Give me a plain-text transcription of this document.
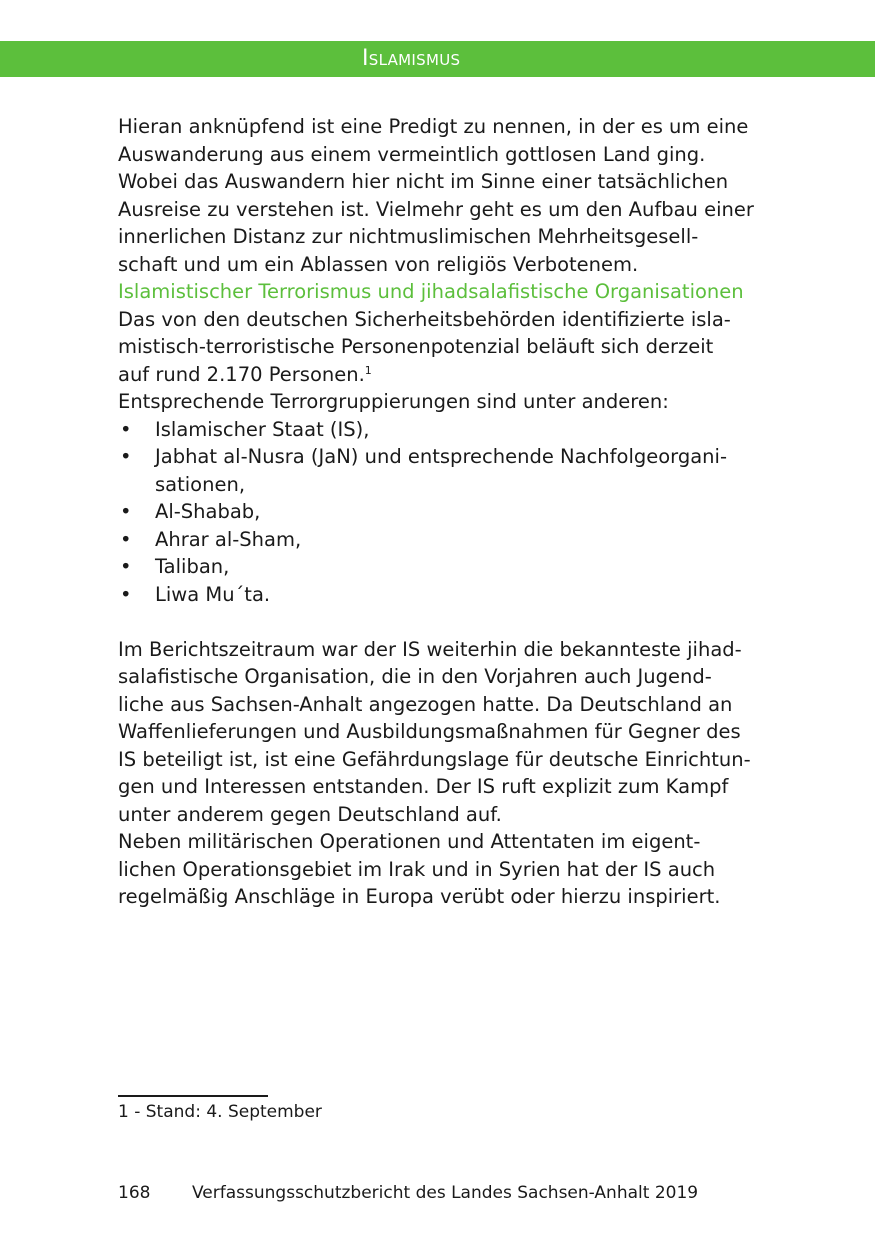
Islamismus

Hieran anknüpfend ist eine Predigt zu nennen, in der es um eine
Auswanderung aus einem vermeintlich gottlosen Land ging.
Wobei das Auswandern hier nicht im Sinne einer tatsächlichen
Ausreise zu verstehen ist. Vielmehr geht es um den Aufbau einer
innerlichen Distanz zur nichtmuslimischen Mehrheitsgesell-
schaft und um ein Ablassen von religiös Verbotenem.

Islamistischer Terrorismus und jihadsalafistische Organisationen

Das von den deutschen Sicherheitsbehörden identifizierte isla-
mistisch-terroristische Personenpotenzial beläuft sich derzeit
auf rund 2.170 Personen.$^1$

Entsprechende Terrorgruppierungen sind unter anderen:

• Islamischer Staat (IS),
• Jabhat al-Nusra (JaN) und entsprechende Nachfolgeorgani-
sationen,
• Al-Shabab,
• Ahrar al-Sham,
• Taliban,
• Liwa Mu´ta.

Im Berichtszeitraum war der IS weiterhin die bekannteste jihad-
salafistische Organisation, die in den Vorjahren auch Jugend-
liche aus Sachsen-Anhalt angezogen hatte. Da Deutschland an
Waffenlieferungen und Ausbildungsmaßnahmen für Gegner des
IS beteiligt ist, ist eine Gefährdungslage für deutsche Einrichtun-
gen und Interessen entstanden. Der IS ruft explizit zum Kampf
unter anderem gegen Deutschland auf.

Neben militärischen Operationen und Attentaten im eigent-
lichen Operationsgebiet im Irak und in Syrien hat der IS auch
regelmäßig Anschläge in Europa verübt oder hierzu inspiriert.

1 - Stand: 4. September
168 Verfassungsschutzbericht des Landes Sachsen-Anhalt 2019
